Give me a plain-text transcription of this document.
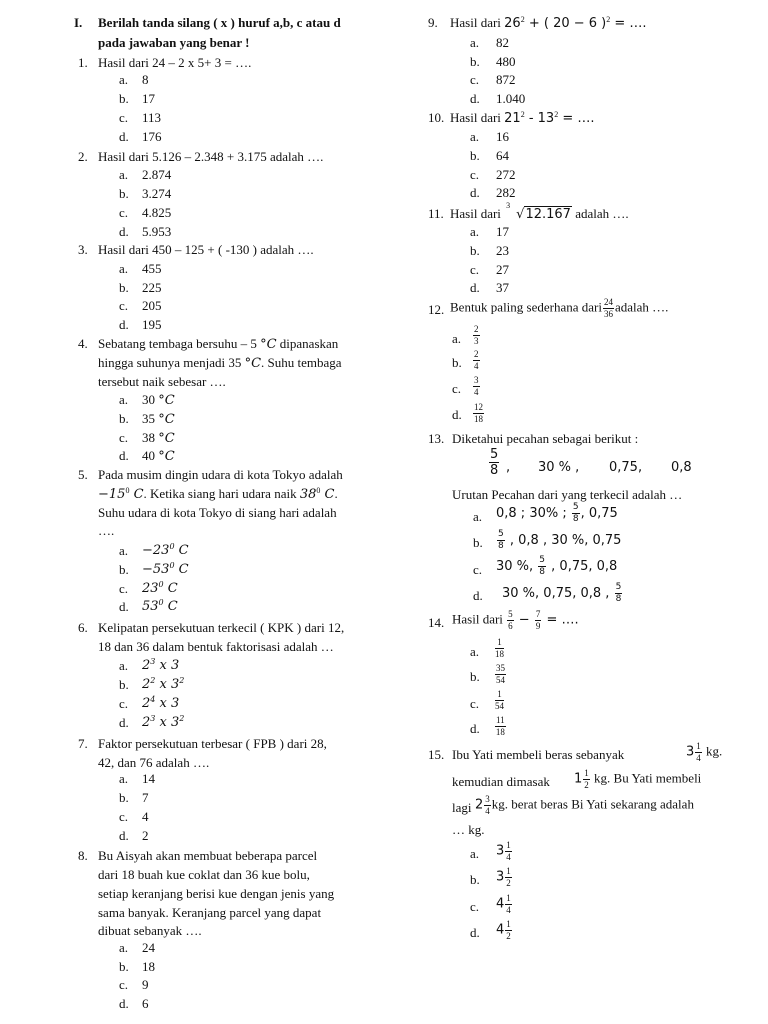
I. Berilah tanda silang ( x ) huruf a,b, c atau d
pada jawaban yang benar !
1. Hasil dari 24 – 2 x 5+ 3 = ….
a. 8
b. 17
c. 113
d. 176
2. Hasil dari 5.126 – 2.348 + 3.175 adalah ….
a. 2.874
b. 3.274
c. 4.825
d. 5.953
3. Hasil dari 450 – 125 + ( -130 ) adalah ….
a. 455
b. 225
c. 205
d. 195
4. Sebatang tembaga bersuhu – 5 °C dipanaskan
hingga suhunya menjadi 35 °C. Suhu tembaga
tersebut naik sebesar ….
a. 30 °C
b. 35 °C
c. 38 °C
d. 40 °C
5. Pada musim dingin udara di kota Tokyo adalah
$-15^0$ C. Ketika siang hari udara naik $38^0$ C.
Suhu udara di kota Tokyo di siang hari adalah
….
a. $-23^0$ C
b. $-53^0$ C
c. $23^0$ C
d. $53^0$ C
6. Kelipatan persekutuan terkecil ( KPK ) dari 12,
18 dan 36 dalam bentuk faktorisasi adalah …
a. $2^3$ x 3
b. $2^2$ x $3^2$
c. $2^4$ x 3
d. $2^3$ x $3^2$
7. Faktor persekutuan terbesar ( FPB ) dari 28,
42, dan 76 adalah ….
a. 14
b. 7
c. 4
d. 2
8. Bu Aisyah akan membuat beberapa parcel
dari 18 buah kue coklat dan 36 kue bolu,
setiap keranjang berisi kue dengan jenis yang
sama banyak. Keranjang parcel yang dapat
dibuat sebanyak ….
a. 24
b. 18
c. 9
d. 6
9. Hasil dari $26^2$ + ( 20 − 6 )$^2$ = ….
a. 82
b. 480
c. 872
d. 1.040
10. Hasil dari $21^2 - 13^2$ = ….
a. 16
b. 64
c. 272
d. 282
11. Hasil dari
3
√12.167 adalah ….
a. 17
b. 23
c. 27
d. 37
12. Bentuk paling sederhana dari $\frac{24}{36}$ adalah ….
a. $\frac{2}{3}$
b. $\frac{2}{4}$
c. $\frac{3}{4}$
d. $\frac{12}{18}$
13. Diketahui pecahan sebagai berikut :
$\frac{5}{8}$ , 30 % , 0,75, 0,8
Urutan Pecahan dari yang terkecil adalah …
a. 0,8 ; 30% ; $\frac{5}{8}$ , 0,75
b. $\frac{5}{8}$ , 0,8 , 30 %, 0,75
c. 30 %, $\frac{5}{8}$ , 0,75, 0,8
d. 30 %, 0,75, 0,8 , $\frac{5}{8}$
14. Hasil dari $\frac{5}{6} - \frac{7}{9}$ = ….
a. $\frac{1}{18}$
b. $\frac{35}{54}$
c. $\frac{1}{54}$
d. $\frac{11}{18}$
15. Ibu Yati membeli beras sebanyak	$3 \frac{1}{4}$ kg.
kemudian dimasak $1 \frac{1}{2}$ kg. Bu Yati membeli
lagi $2 \frac{3}{4}$ kg. berat beras Bi Yati sekarang adalah
… kg.
a. $3 \frac{1}{4}$
b. $3 \frac{1}{2}$
c. $4 \frac{1}{4}$
d. $4 \frac{1}{2}$
